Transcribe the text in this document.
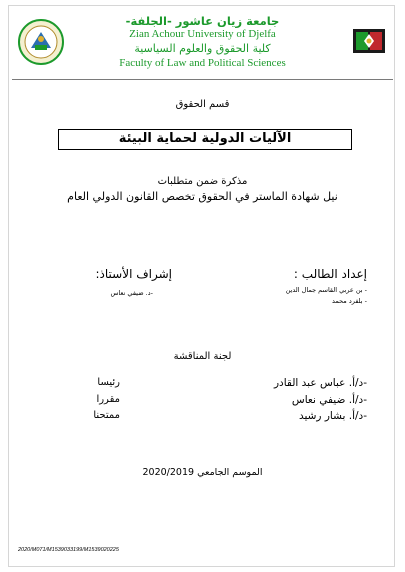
جامعة زيان عاشور -الجلفة-
Zian Achour University of Djelfa
كلية الحقوق والعلوم السياسية
Faculty of Law and Political Sciences
قسم الحقوق
الآليات الدولية لحماية البيئة
مذكرة ضمن متطلبات
نيل شهادة الماستر في الحقوق تخصص القانون الدولي العام
إعداد الطالب :
إشراف الأستاذ:
- بن عربي القاسم جمال الدين
- بلفرد محمد
-د. ضيفي نعاس
لجنة المناقشة
-د/أ. عباس عبد القادر
رئيسا
-د/أ. ضيفي نعاس
مقررا
-د/أ. بشار رشيد
ممتحنا
الموسم الجامعي 2020/2019
2020/M071/M1539033199/M1539020225
